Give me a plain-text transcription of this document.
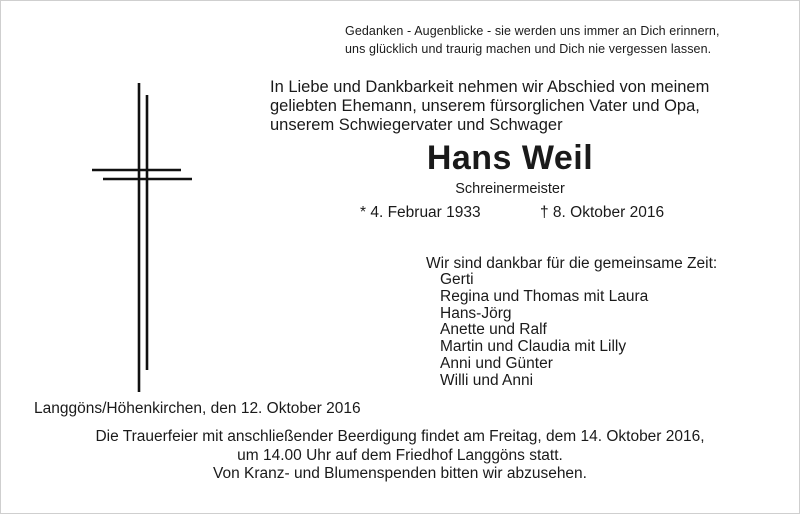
Gedanken - Augenblicke - sie werden uns immer an Dich erinnern,
uns glücklich und traurig machen und Dich nie vergessen lassen.
In Liebe und Dankbarkeit nehmen wir Abschied von meinem
geliebten Ehemann, unserem fürsorglichen Vater und Opa,
unserem Schwiegervater und Schwager
Hans Weil
Schreinermeister
* 4. Februar 1933	† 8. Oktober 2016
Wir sind dankbar für die gemeinsame Zeit:
Gerti
Regina und Thomas mit Laura
Hans-Jörg
Anette und Ralf
Martin und Claudia mit Lilly
Anni und Günter
Willi und Anni
Langgöns/Höhenkirchen, den 12. Oktober 2016
Die Trauerfeier mit anschließender Beerdigung findet am Freitag, dem 14. Oktober 2016,
um 14.00 Uhr auf dem Friedhof Langgöns statt.
Von Kranz- und Blumenspenden bitten wir abzusehen.
